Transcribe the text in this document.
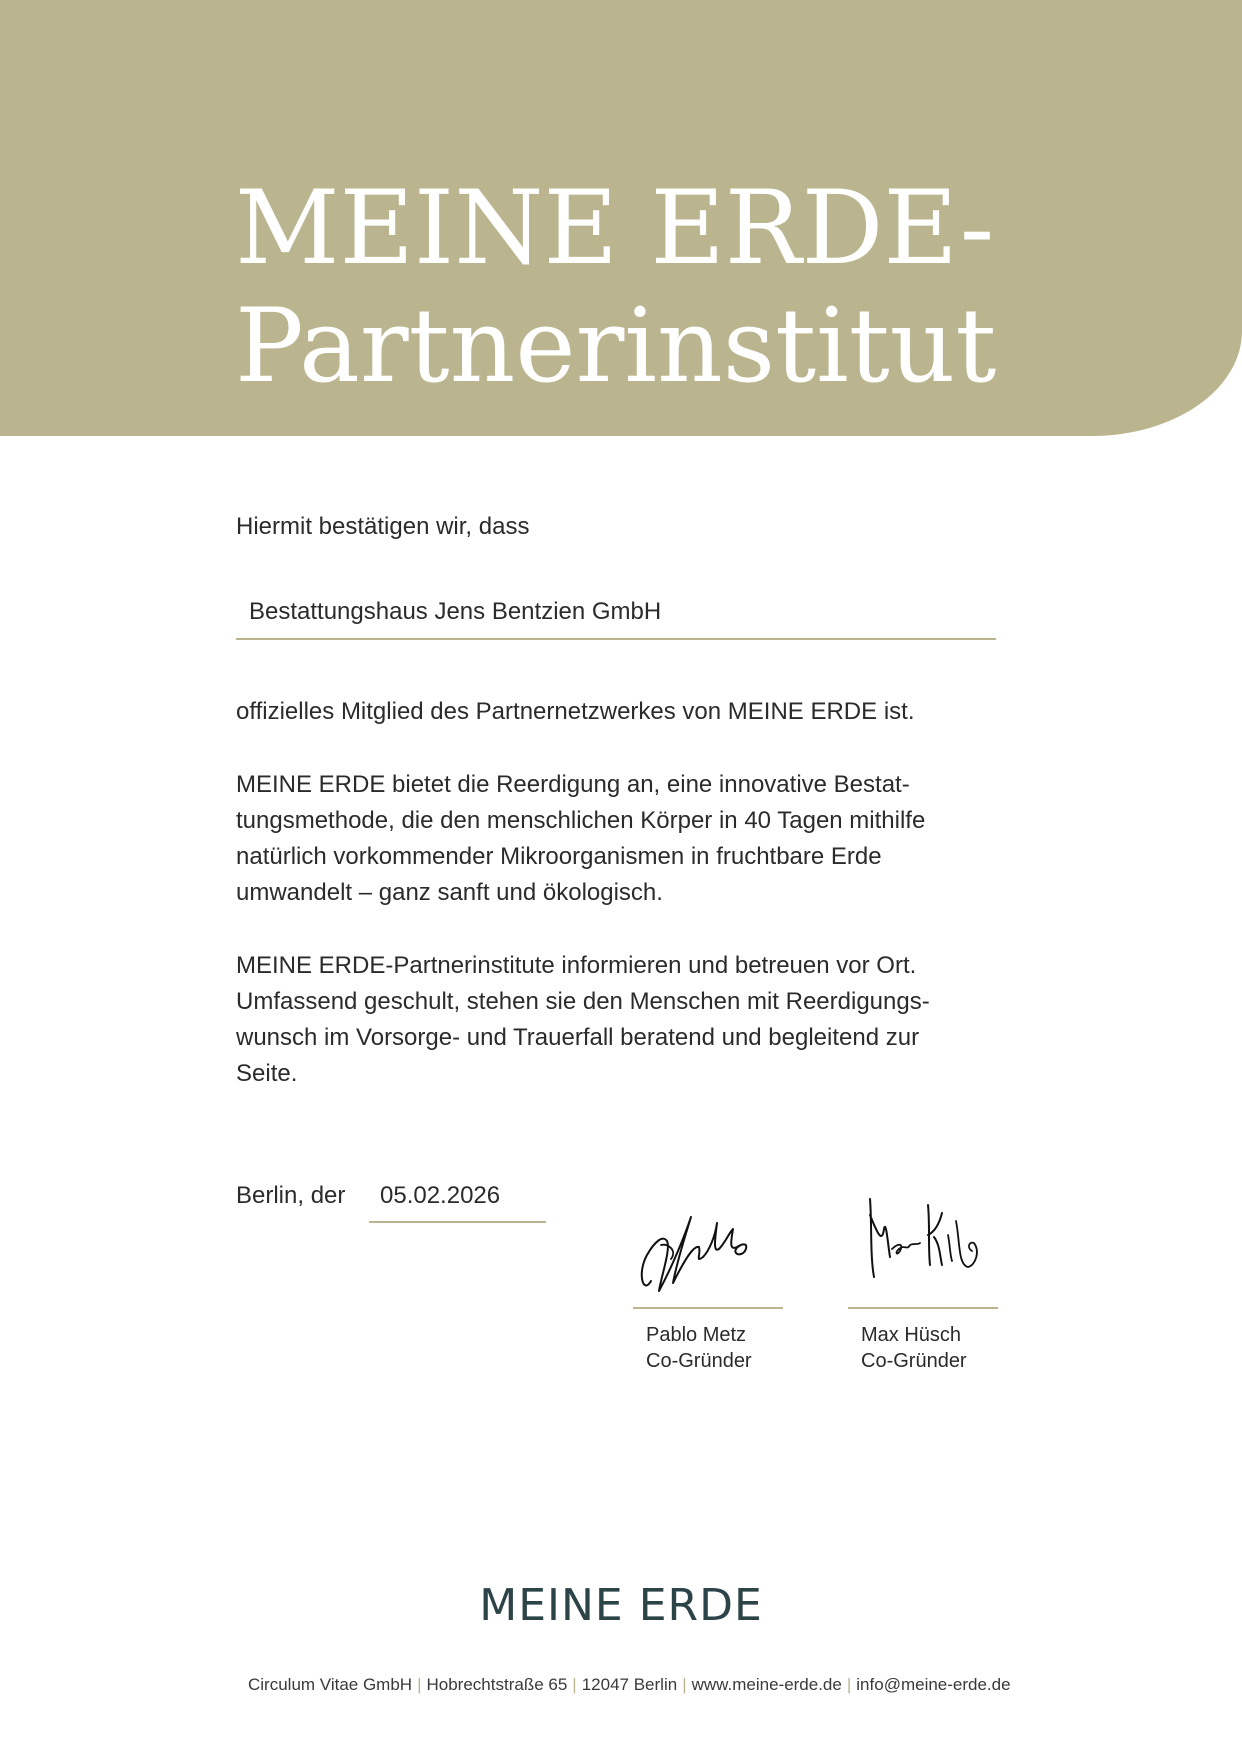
MEINE ERDE-
Partnerinstitut
Hiermit bestätigen wir, dass
Bestattungshaus Jens Bentzien GmbH
offizielles Mitglied des Partnernetzwerkes von MEINE ERDE ist.

MEINE ERDE bietet die Reerdigung an, eine innovative Bestat-

tungsmethode, die den menschlichen Körper in 40 Tagen mithilfe

natürlich vorkommender Mikroorganismen in fruchtbare Erde

umwandelt – ganz sanft und ökologisch.

MEINE ERDE-Partnerinstitute informieren und betreuen vor Ort.

Umfassend geschult, stehen sie den Menschen mit Reerdigungs-

wunsch im Vorsorge- und Trauerfall beratend und begleitend zur

Seite.

Berlin, der 05.02.2026
Pablo Metz
Co-Gründer
Max Hüsch
Co-Gründer
MEINE ERDE
Circulum Vitae GmbH | Hobrechtstraße 65 | 12047 Berlin | www.meine-erde.de | info@meine-erde.de
